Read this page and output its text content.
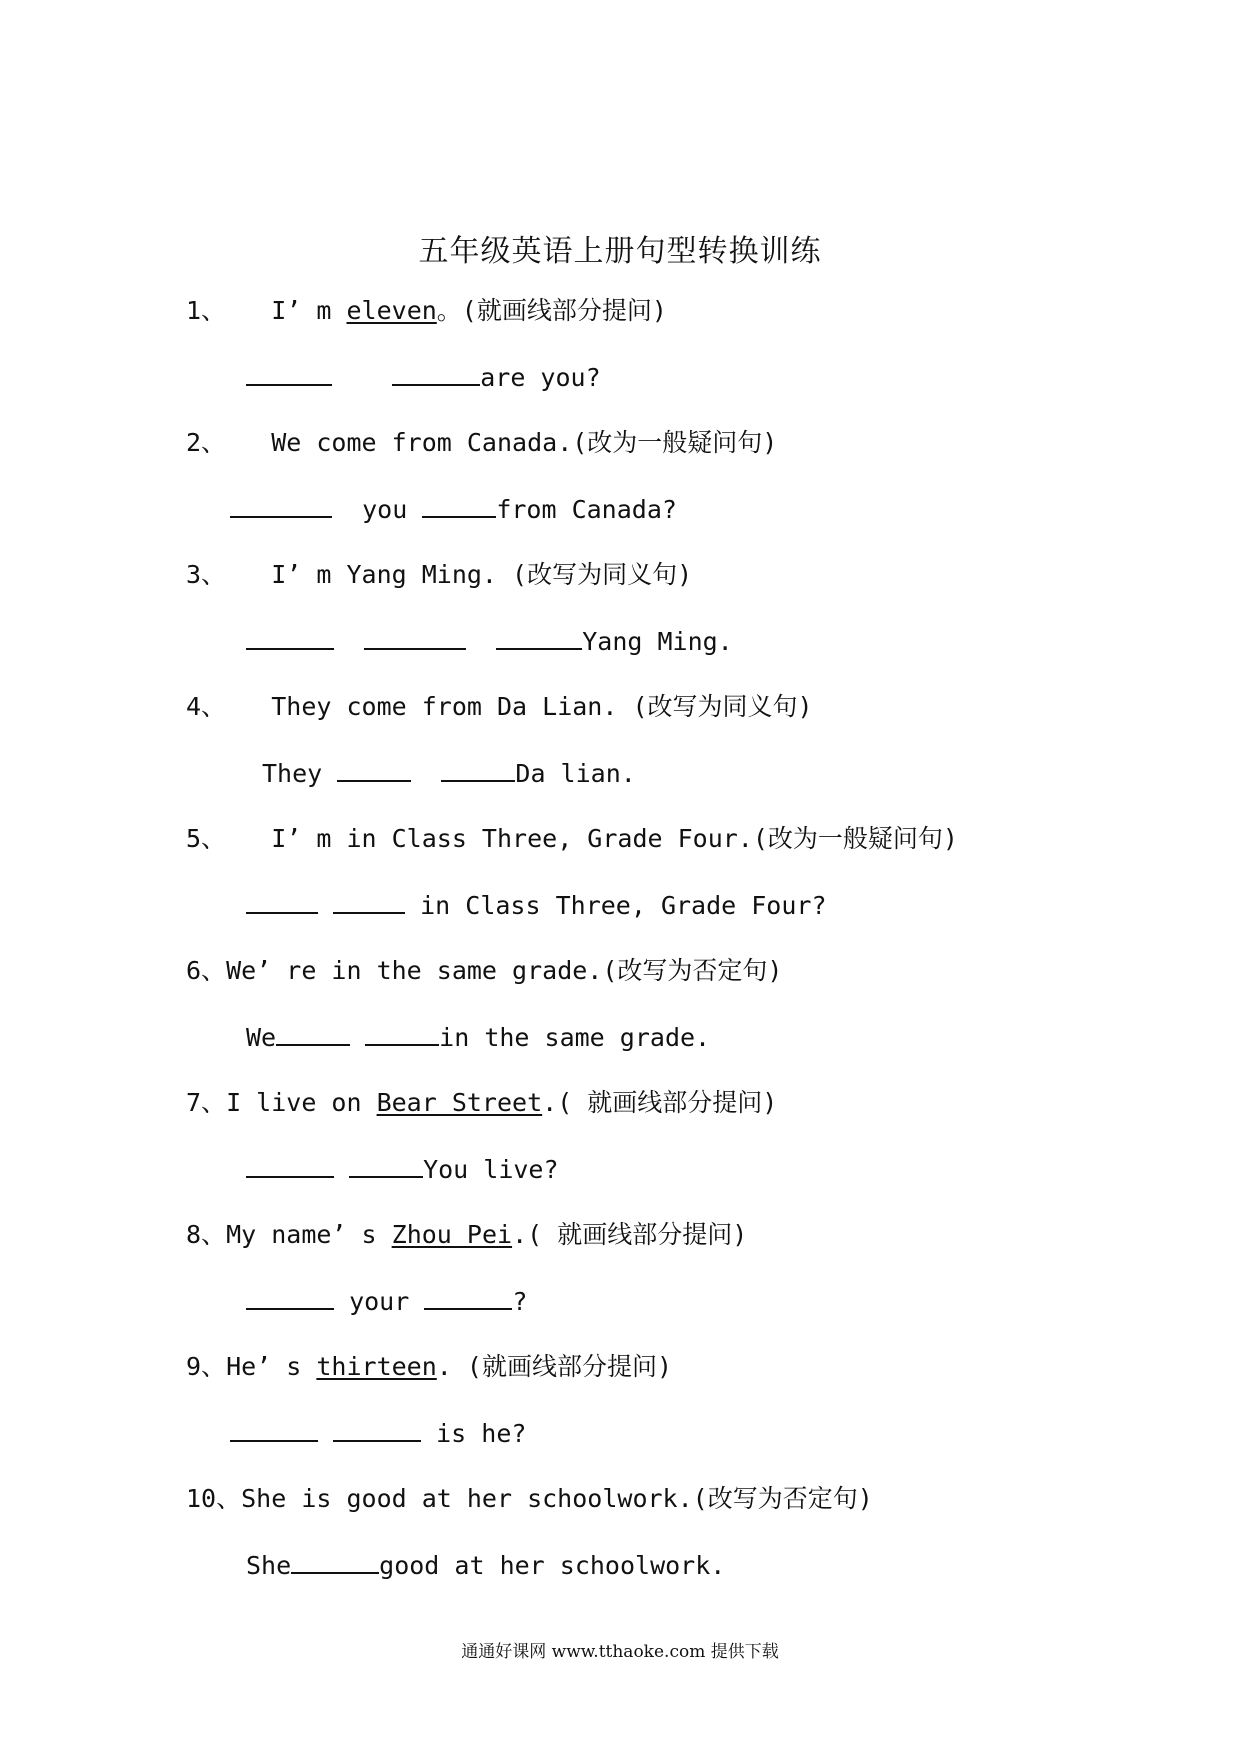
五年级英语上册句型转换训练
1、 I’ m eleven。(就画线部分提问)
are you?
2、 We come from Canada.(改为一般疑问句)
you	from Canada?
3、 I’ m Yang Ming. (改写为同义句)
Yang Ming.
4、 They come from Da Lian. (改写为同义句)
They	Da lian.
5、 I’ m in Class Three, Grade Four.(改为一般疑问句)
in Class Three, Grade Four?
6、We’ re in the same grade.(改写为否定句)
We	in the same grade.
7、I live on Bear Street.( 就画线部分提问)
You live?
8、My name’ s Zhou Pei.( 就画线部分提问)
your	?
9、He’ s thirteen. (就画线部分提问)
is he?
10、She is good at her schoolwork.(改写为否定句)
She	good at her schoolwork.
通通好课网 www.tthaoke.com 提供下载
